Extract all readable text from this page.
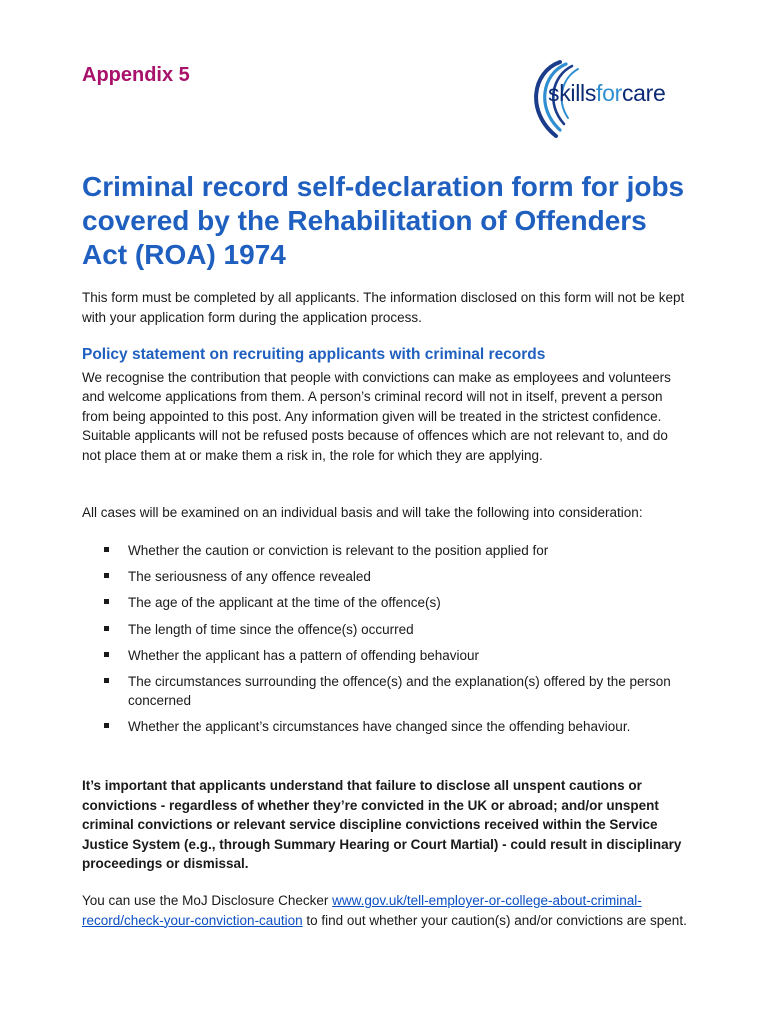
Appendix 5
skillsforcare
Criminal record self-declaration form for jobs covered by the Rehabilitation of Offenders Act (ROA) 1974

This form must be completed by all applicants. The information disclosed on this form will not be kept with your application form during the application process.

Policy statement on recruiting applicants with criminal records

We recognise the contribution that people with convictions can make as employees and volunteers and welcome applications from them. A person’s criminal record will not in itself, prevent a person from being appointed to this post. Any information given will be treated in the strictest confidence. Suitable applicants will not be refused posts because of offences which are not relevant to, and do not place them at or make them a risk in, the role for which they are applying.

All cases will be examined on an individual basis and will take the following into consideration:

Whether the caution or conviction is relevant to the position applied for
The seriousness of any offence revealed
The age of the applicant at the time of the offence(s)
The length of time since the offence(s) occurred
Whether the applicant has a pattern of offending behaviour
The circumstances surrounding the offence(s) and the explanation(s) offered by the person concerned
Whether the applicant’s circumstances have changed since the offending behaviour.

It’s important that applicants understand that failure to disclose all unspent cautions or convictions - regardless of whether they’re convicted in the UK or abroad; and/or unspent criminal convictions or relevant service discipline convictions received within the Service Justice System (e.g., through Summary Hearing or Court Martial) - could result in disciplinary proceedings or dismissal.

You can use the MoJ Disclosure Checker www.gov.uk/tell-employer-or-college-about-criminal-record/check-your-conviction-caution to find out whether your caution(s) and/or convictions are spent.
